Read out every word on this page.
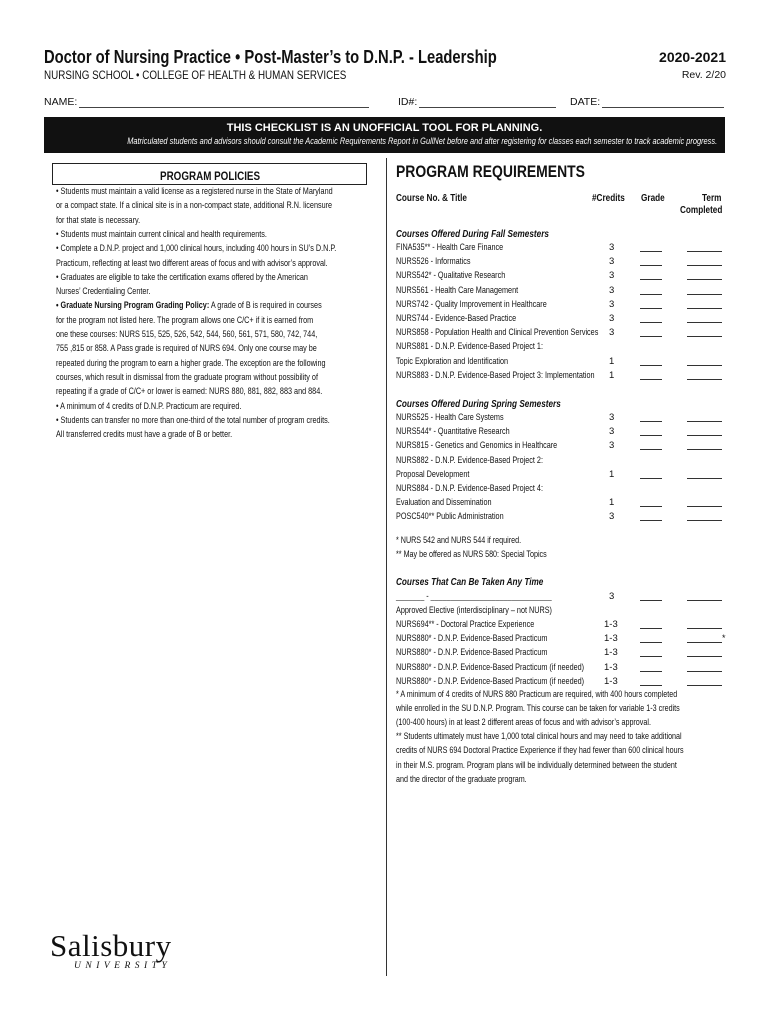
Doctor of Nursing Practice • Post-Master’s to D.N.P. - Leadership	2020-2021
NURSING SCHOOL • COLLEGE OF HEALTH & HUMAN SERVICES	Rev. 2/20
NAME:	ID#:	DATE:
THIS CHECKLIST IS AN UNOFFICIAL TOOL FOR PLANNING.
Matriculated students and advisors should consult the Academic Requirements Report in GullNet before and after registering for classes each semester to track academic progress.
PROGRAM POLICIES
• Students must maintain a valid license as a registered nurse in the State of Maryland
or a compact state. If a clinical site is in a non-compact state, additional R.N. licensure
for that state is necessary.
• Students must maintain current clinical and health requirements.
• Complete a D.N.P. project and 1,000 clinical hours, including 400 hours in SU’s D.N.P.
Practicum, reflecting at least two different areas of focus and with advisor’s approval.
• Graduates are eligible to take the certification exams offered by the American
Nurses’ Credentialing Center.
• Graduate Nursing Program Grading Policy: A grade of B is required in courses
for the program not listed here. The program allows one C/C+ if it is earned from
one these courses: NURS 515, 525, 526, 542, 544, 560, 561, 571, 580, 742, 744,
755 ,815 or 858. A Pass grade is required of NURS 694. Only one course may be
repeated during the program to earn a higher grade. The exception are the following
courses, which result in dismissal from the graduate program without possibility of
repeating if a grade of C/C+ or lower is earned: NURS 880, 881, 882, 883 and 884.
• A minimum of 4 credits of D.N.P. Practicum are required.
• Students can transfer no more than one-third of the total number of program credits.
All transferred credits must have a grade of B or better.
PROGRAM REQUIREMENTS
Course No. & Title	#Credits	Grade	Term
Completed
Courses Offered During Fall Semesters
FINA535** - Health Care Finance	3
NURS526 - Informatics	3
NURS542* - Qualitative Research	3
NURS561 - Health Care Management	3
NURS742 - Quality Improvement in Healthcare	3
NURS744 - Evidence-Based Practice	3
NURS858 - Population Health and Clinical Prevention Services 3
NURS881 - D.N.P. Evidence-Based Project 1:
Topic Exploration and Identification	1
NURS883 - D.N.P. Evidence-Based Project 3: Implementation 1
Courses Offered During Spring Semesters
NURS525 - Health Care Systems	3
NURS544* - Quantitative Research	3
NURS815 - Genetics and Genomics in Healthcare	3
NURS882 - D.N.P. Evidence-Based Project 2:
Proposal Development	1
NURS884 - D.N.P. Evidence-Based Project 4:
Evaluation and Dissemination	1
POSC540** Public Administration	3
* NURS 542 and NURS 544 if required.
** May be offered as NURS 580: Special Topics
Courses That Can Be Taken Any Time
_______ - ______________________________	3
Approved Elective (interdisciplinary – not NURS)
NURS694** - Doctoral Practice Experience	1-3
NURS880* - D.N.P. Evidence-Based Practicum	1-3	*
NURS880* - D.N.P. Evidence-Based Practicum	1-3
NURS880* - D.N.P. Evidence-Based Practicum (if needed) 1-3
NURS880* - D.N.P. Evidence-Based Practicum (if needed) 1-3
* A minimum of 4 credits of NURS 880 Practicum are required, with 400 hours completed
while enrolled in the SU D.N.P. Program. This course can be taken for variable 1-3 credits
(100-400 hours) in at least 2 different areas of focus and with advisor’s approval.
** Students ultimately must have 1,000 total clinical hours and may need to take additional
credits of NURS 694 Doctoral Practice Experience if they had fewer than 600 clinical hours
in their M.S. program. Program plans will be individually determined between the student
and the director of the graduate program.
Salisbury
UNIVERSITY
